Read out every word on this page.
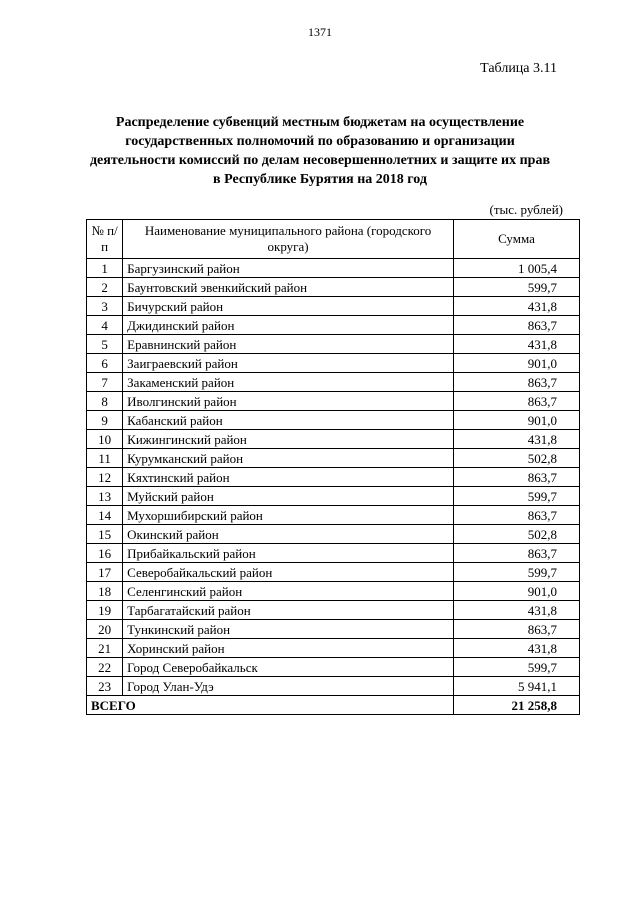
1371
Таблица 3.11
Распределение субвенций местным бюджетам на осуществление
государственных полномочий по образованию и организации
деятельности комиссий по делам несовершеннолетних и защите их прав
в Республике Бурятия на 2018 год
(тыс. рублей)
№ п/п	Наименование муниципального района (городского округа)	Сумма
1	Баргузинский район	1 005,4
2	Баунтовский эвенкийский район	599,7
3	Бичурский район	431,8
4	Джидинский район	863,7
5	Еравнинский район	431,8
6	Заиграевский район	901,0
7	Закаменский район	863,7
8	Иволгинский район	863,7
9	Кабанский район	901,0
10	Кижингинский район	431,8
11	Курумканский район	502,8
12	Кяхтинский район	863,7
13	Муйский район	599,7
14	Мухоршибирский район	863,7
15	Окинский район	502,8
16	Прибайкальский район	863,7
17	Северобайкальский район	599,7
18	Селенгинский район	901,0
19	Тарбагатайский район	431,8
20	Тункинский район	863,7
21	Хоринский район	431,8
22	Город Северобайкальск	599,7
23	Город Улан-Удэ	5 941,1
ВСЕГО		21 258,8
